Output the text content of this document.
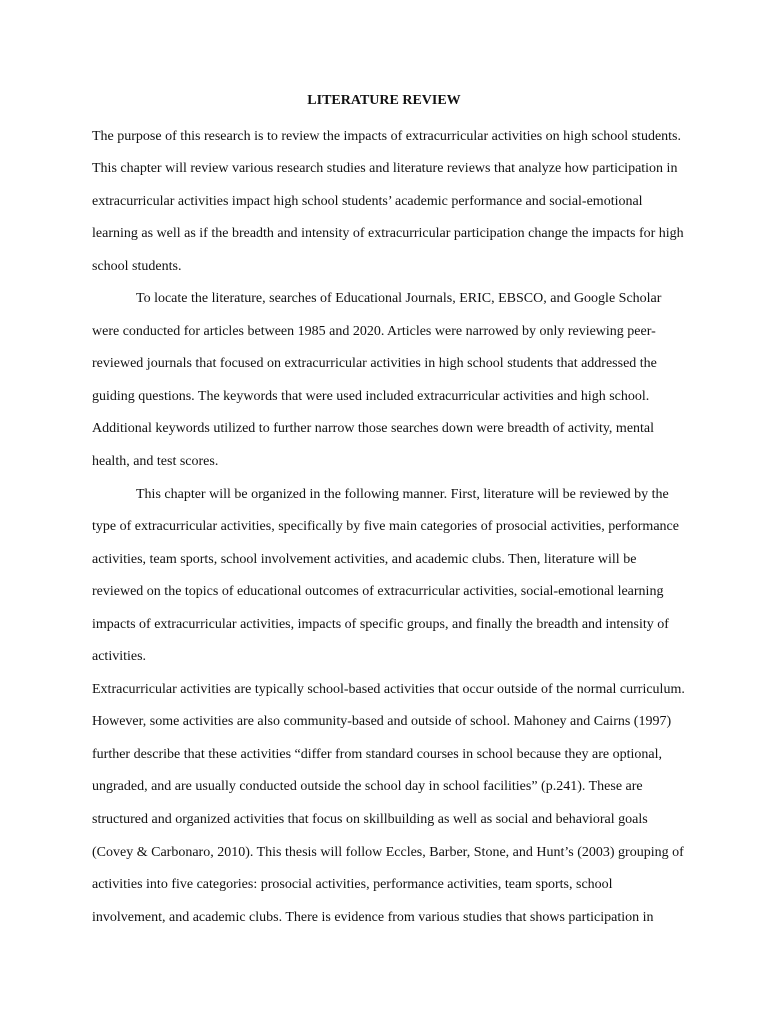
LITERATURE REVIEW

The purpose of this research is to review the impacts of extracurricular activities on high school students.

This chapter will review various research studies and literature reviews that analyze how participation in

extracurricular activities impact high school students’ academic performance and social-emotional

learning as well as if the breadth and intensity of extracurricular participation change the impacts for high

school students.

To locate the literature, searches of Educational Journals, ERIC, EBSCO, and Google Scholar

were conducted for articles between 1985 and 2020. Articles were narrowed by only reviewing peer-

reviewed journals that focused on extracurricular activities in high school students that addressed the

guiding questions. The keywords that were used included extracurricular activities and high school.

Additional keywords utilized to further narrow those searches down were breadth of activity, mental

health, and test scores.

This chapter will be organized in the following manner. First, literature will be reviewed by the

type of extracurricular activities, specifically by five main categories of prosocial activities, performance

activities, team sports, school involvement activities, and academic clubs. Then, literature will be

reviewed on the topics of educational outcomes of extracurricular activities, social-emotional learning

impacts of extracurricular activities, impacts of specific groups, and finally the breadth and intensity of

activities.

Extracurricular activities are typically school-based activities that occur outside of the normal curriculum.

However, some activities are also community-based and outside of school. Mahoney and Cairns (1997)

further describe that these activities “differ from standard courses in school because they are optional,

ungraded, and are usually conducted outside the school day in school facilities” (p.241). These are

structured and organized activities that focus on skillbuilding as well as social and behavioral goals

(Covey & Carbonaro, 2010). This thesis will follow Eccles, Barber, Stone, and Hunt’s (2003) grouping of

activities into five categories: prosocial activities, performance activities, team sports, school

involvement, and academic clubs. There is evidence from various studies that shows participation in
